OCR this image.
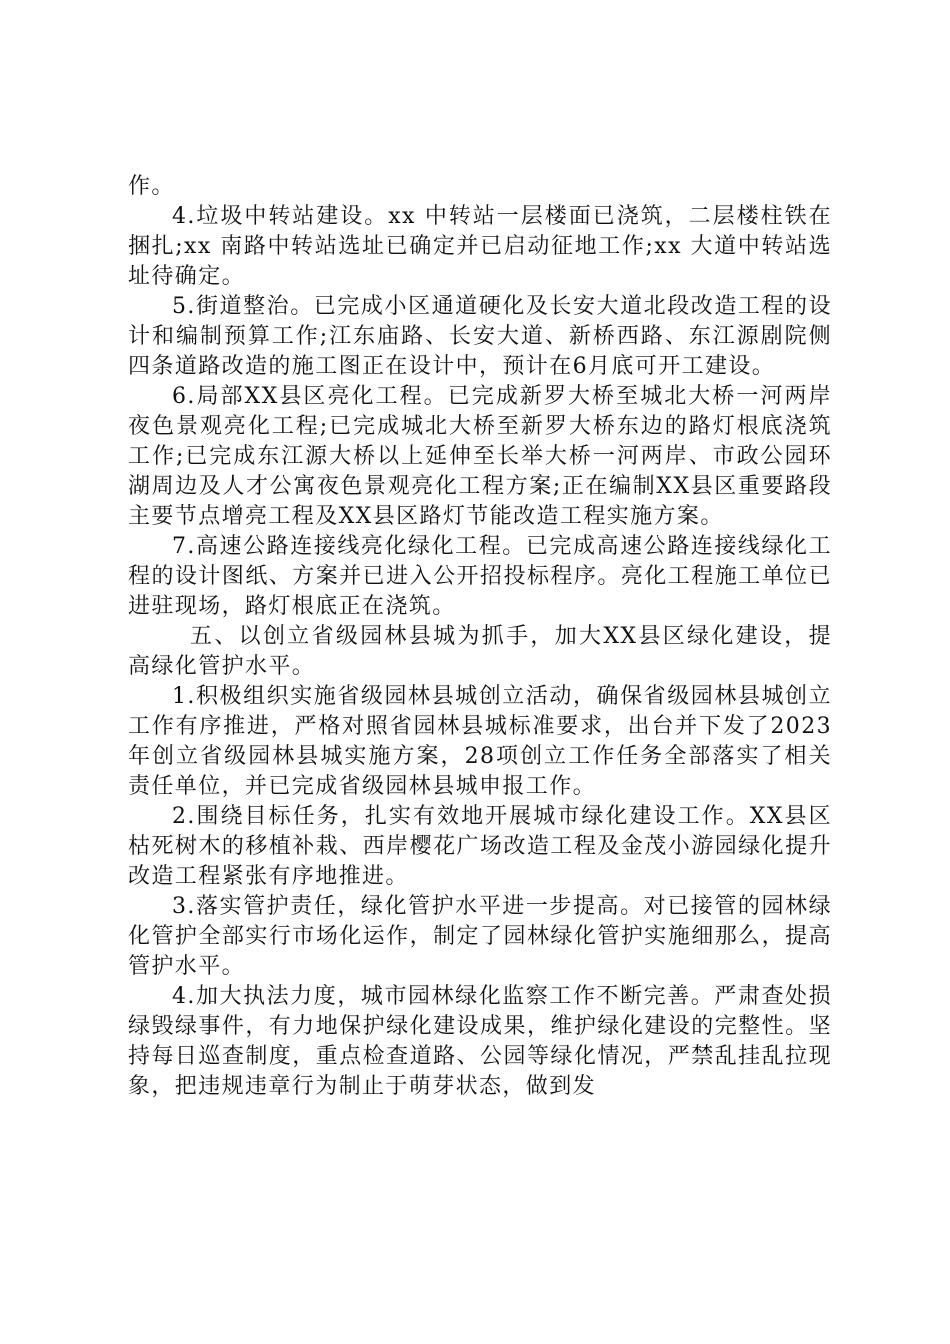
作。

4.垃圾中转站建设。xx 中转站一层楼面已浇筑，二层楼柱铁在捆扎;xx 南路中转站选址已确定并已启动征地工作;xx 大道中转站选址待确定。

5.街道整治。已完成小区通道硬化及长安大道北段改造工程的设计和编制预算工作;江东庙路、长安大道、新桥西路、东江源剧院侧四条道路改造的施工图正在设计中，预计在6月底可开工建设。

6.局部XX县区亮化工程。已完成新罗大桥至城北大桥一河两岸夜色景观亮化工程;已完成城北大桥至新罗大桥东边的路灯根底浇筑工作;已完成东江源大桥以上延伸至长举大桥一河两岸、市政公园环湖周边及人才公寓夜色景观亮化工程方案;正在编制XX县区重要路段主要节点增亮工程及XX县区路灯节能改造工程实施方案。

7.高速公路连接线亮化绿化工程。已完成高速公路连接线绿化工程的设计图纸、方案并已进入公开招投标程序。亮化工程施工单位已进驻现场，路灯根底正在浇筑。

五、以创立省级园林县城为抓手，加大XX县区绿化建设，提高绿化管护水平。

1.积极组织实施省级园林县城创立活动，确保省级园林县城创立工作有序推进，严格对照省园林县城标准要求，出台并下发了2023年创立省级园林县城实施方案，28项创立工作任务全部落实了相关责任单位，并已完成省级园林县城申报工作。

2.围绕目标任务，扎实有效地开展城市绿化建设工作。XX县区枯死树木的移植补栽、西岸樱花广场改造工程及金茂小游园绿化提升改造工程紧张有序地推进。

3.落实管护责任，绿化管护水平进一步提高。对已接管的园林绿化管护全部实行市场化运作，制定了园林绿化管护实施细那么，提高管护水平。

4.加大执法力度，城市园林绿化监察工作不断完善。严肃查处损绿毁绿事件，有力地保护绿化建设成果，维护绿化建设的完整性。坚持每日巡查制度，重点检查道路、公园等绿化情况，严禁乱挂乱拉现象，把违规违章行为制止于萌芽状态，做到发
